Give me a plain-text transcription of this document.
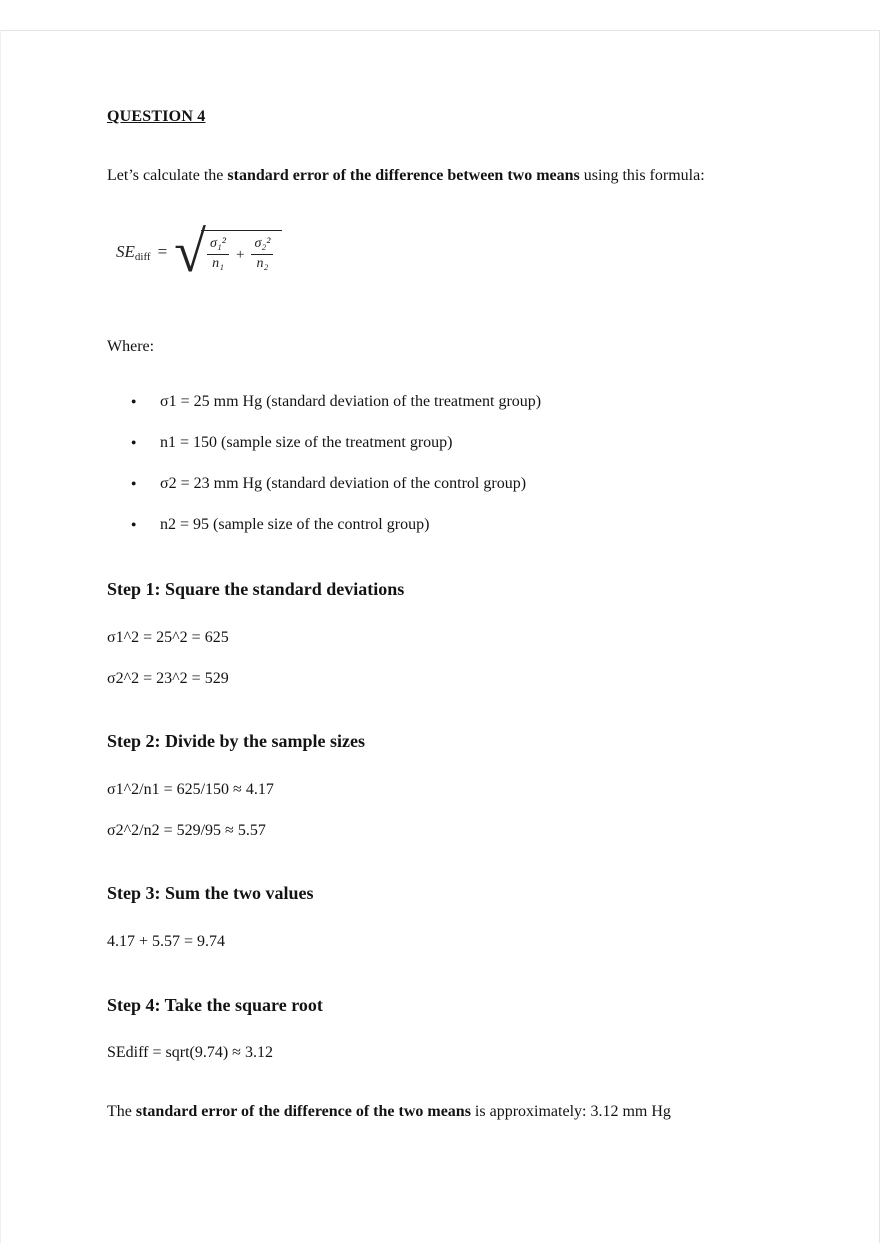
QUESTION 4
Let’s calculate the standard error of the difference between two means using this formula:
SE diff = √ $\frac{\text{σ₁²}}{\text{n₁}} + \frac{\text{σ₂²}}{\text{n₂}}$
Where:
● σ1 = 25 mm Hg (standard deviation of the treatment group)
● n1 = 150 (sample size of the treatment group)
● σ2 = 23 mm Hg (standard deviation of the control group)
● n2 = 95 (sample size of the control group)
Step 1: Square the standard deviations
σ1^2 = 25^2 = 625
σ2^2 = 23^2 = 529
Step 2: Divide by the sample sizes
σ1^2/n1 = 625/150 ≈ 4.17
σ2^2/n2 = 529/95 ≈ 5.57
Step 3: Sum the two values
4.17 + 5.57 = 9.74
Step 4: Take the square root
SEdiff = sqrt(9.74) ≈ 3.12
The standard error of the difference of the two means is approximately: 3.12 mm Hg
